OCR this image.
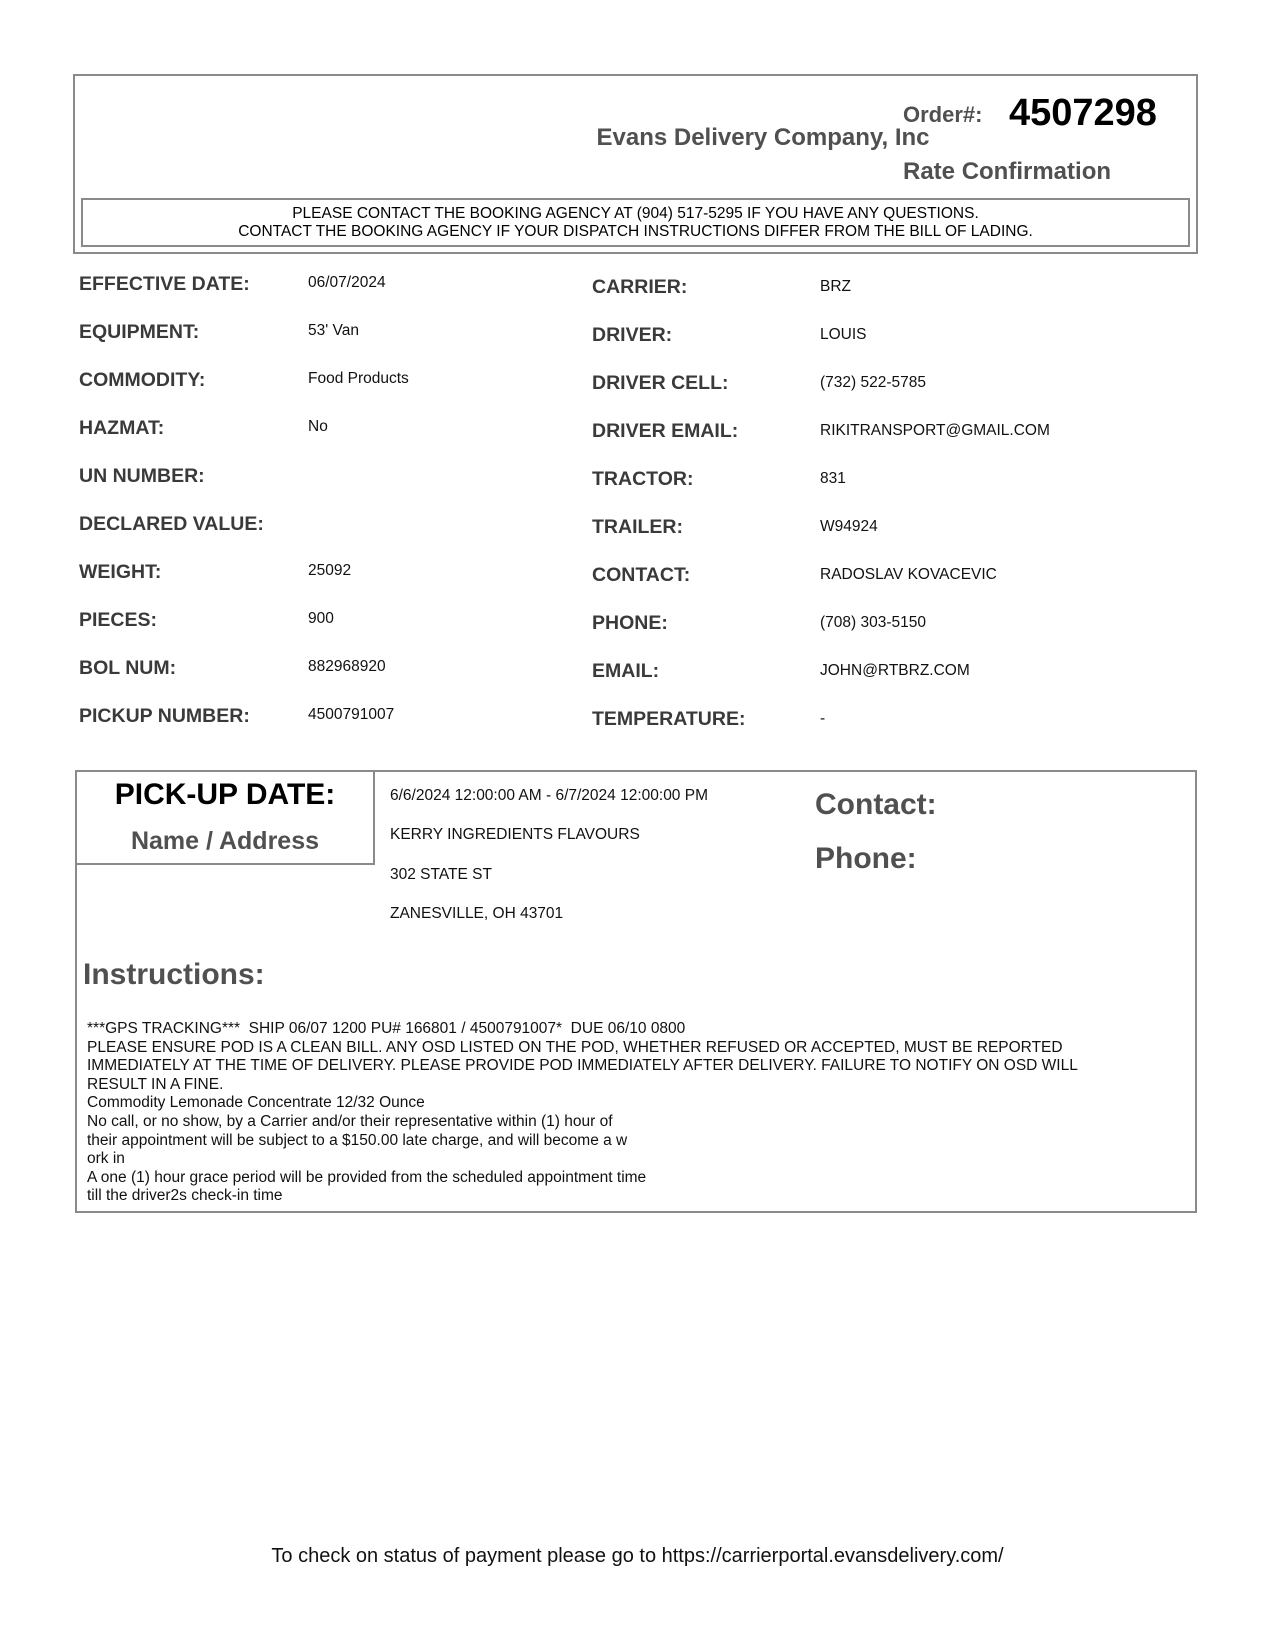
Evans Delivery Company, Inc
Order#: 4507298
Rate Confirmation
PLEASE CONTACT THE BOOKING AGENCY AT (904) 517-5295 IF YOU HAVE ANY QUESTIONS.
CONTACT THE BOOKING AGENCY IF YOUR DISPATCH INSTRUCTIONS DIFFER FROM THE BILL OF LADING.
EFFECTIVE DATE:	06/07/2024
EQUIPMENT:	53' Van
COMMODITY:	Food Products
HAZMAT:	No
UN NUMBER:
DECLARED VALUE:
WEIGHT:	25092
PIECES:	900
BOL NUM:	882968920
PICKUP NUMBER:	4500791007
CARRIER:	BRZ
DRIVER:	LOUIS
DRIVER CELL:	(732) 522-5785
DRIVER EMAIL:	RIKITRANSPORT@GMAIL.COM
TRACTOR:	831
TRAILER:	W94924
CONTACT:	RADOSLAV KOVACEVIC
PHONE:	(708) 303-5150
EMAIL:	JOHN@RTBRZ.COM
TEMPERATURE:	-
PICK-UP DATE:
Name / Address
6/6/2024 12:00:00 AM - 6/7/2024 12:00:00 PM
KERRY INGREDIENTS FLAVOURS
302 STATE ST
ZANESVILLE, OH 43701
Contact:
Phone:
Instructions:
***GPS TRACKING***  SHIP 06/07 1200 PU# 166801 / 4500791007*  DUE 06/10 0800
PLEASE ENSURE POD IS A CLEAN BILL. ANY OSD LISTED ON THE POD, WHETHER REFUSED OR ACCEPTED, MUST BE REPORTED
IMMEDIATELY AT THE TIME OF DELIVERY. PLEASE PROVIDE POD IMMEDIATELY AFTER DELIVERY. FAILURE TO NOTIFY ON OSD WILL
RESULT IN A FINE.
Commodity Lemonade Concentrate 12/32 Ounce
No call, or no show, by a Carrier and/or their representative within (1) hour of
their appointment will be subject to a $150.00 late charge, and will become a w
ork in
A one (1) hour grace period will be provided from the scheduled appointment time
till the driver2s check-in time
To check on status of payment please go to https://carrierportal.evansdelivery.com/
